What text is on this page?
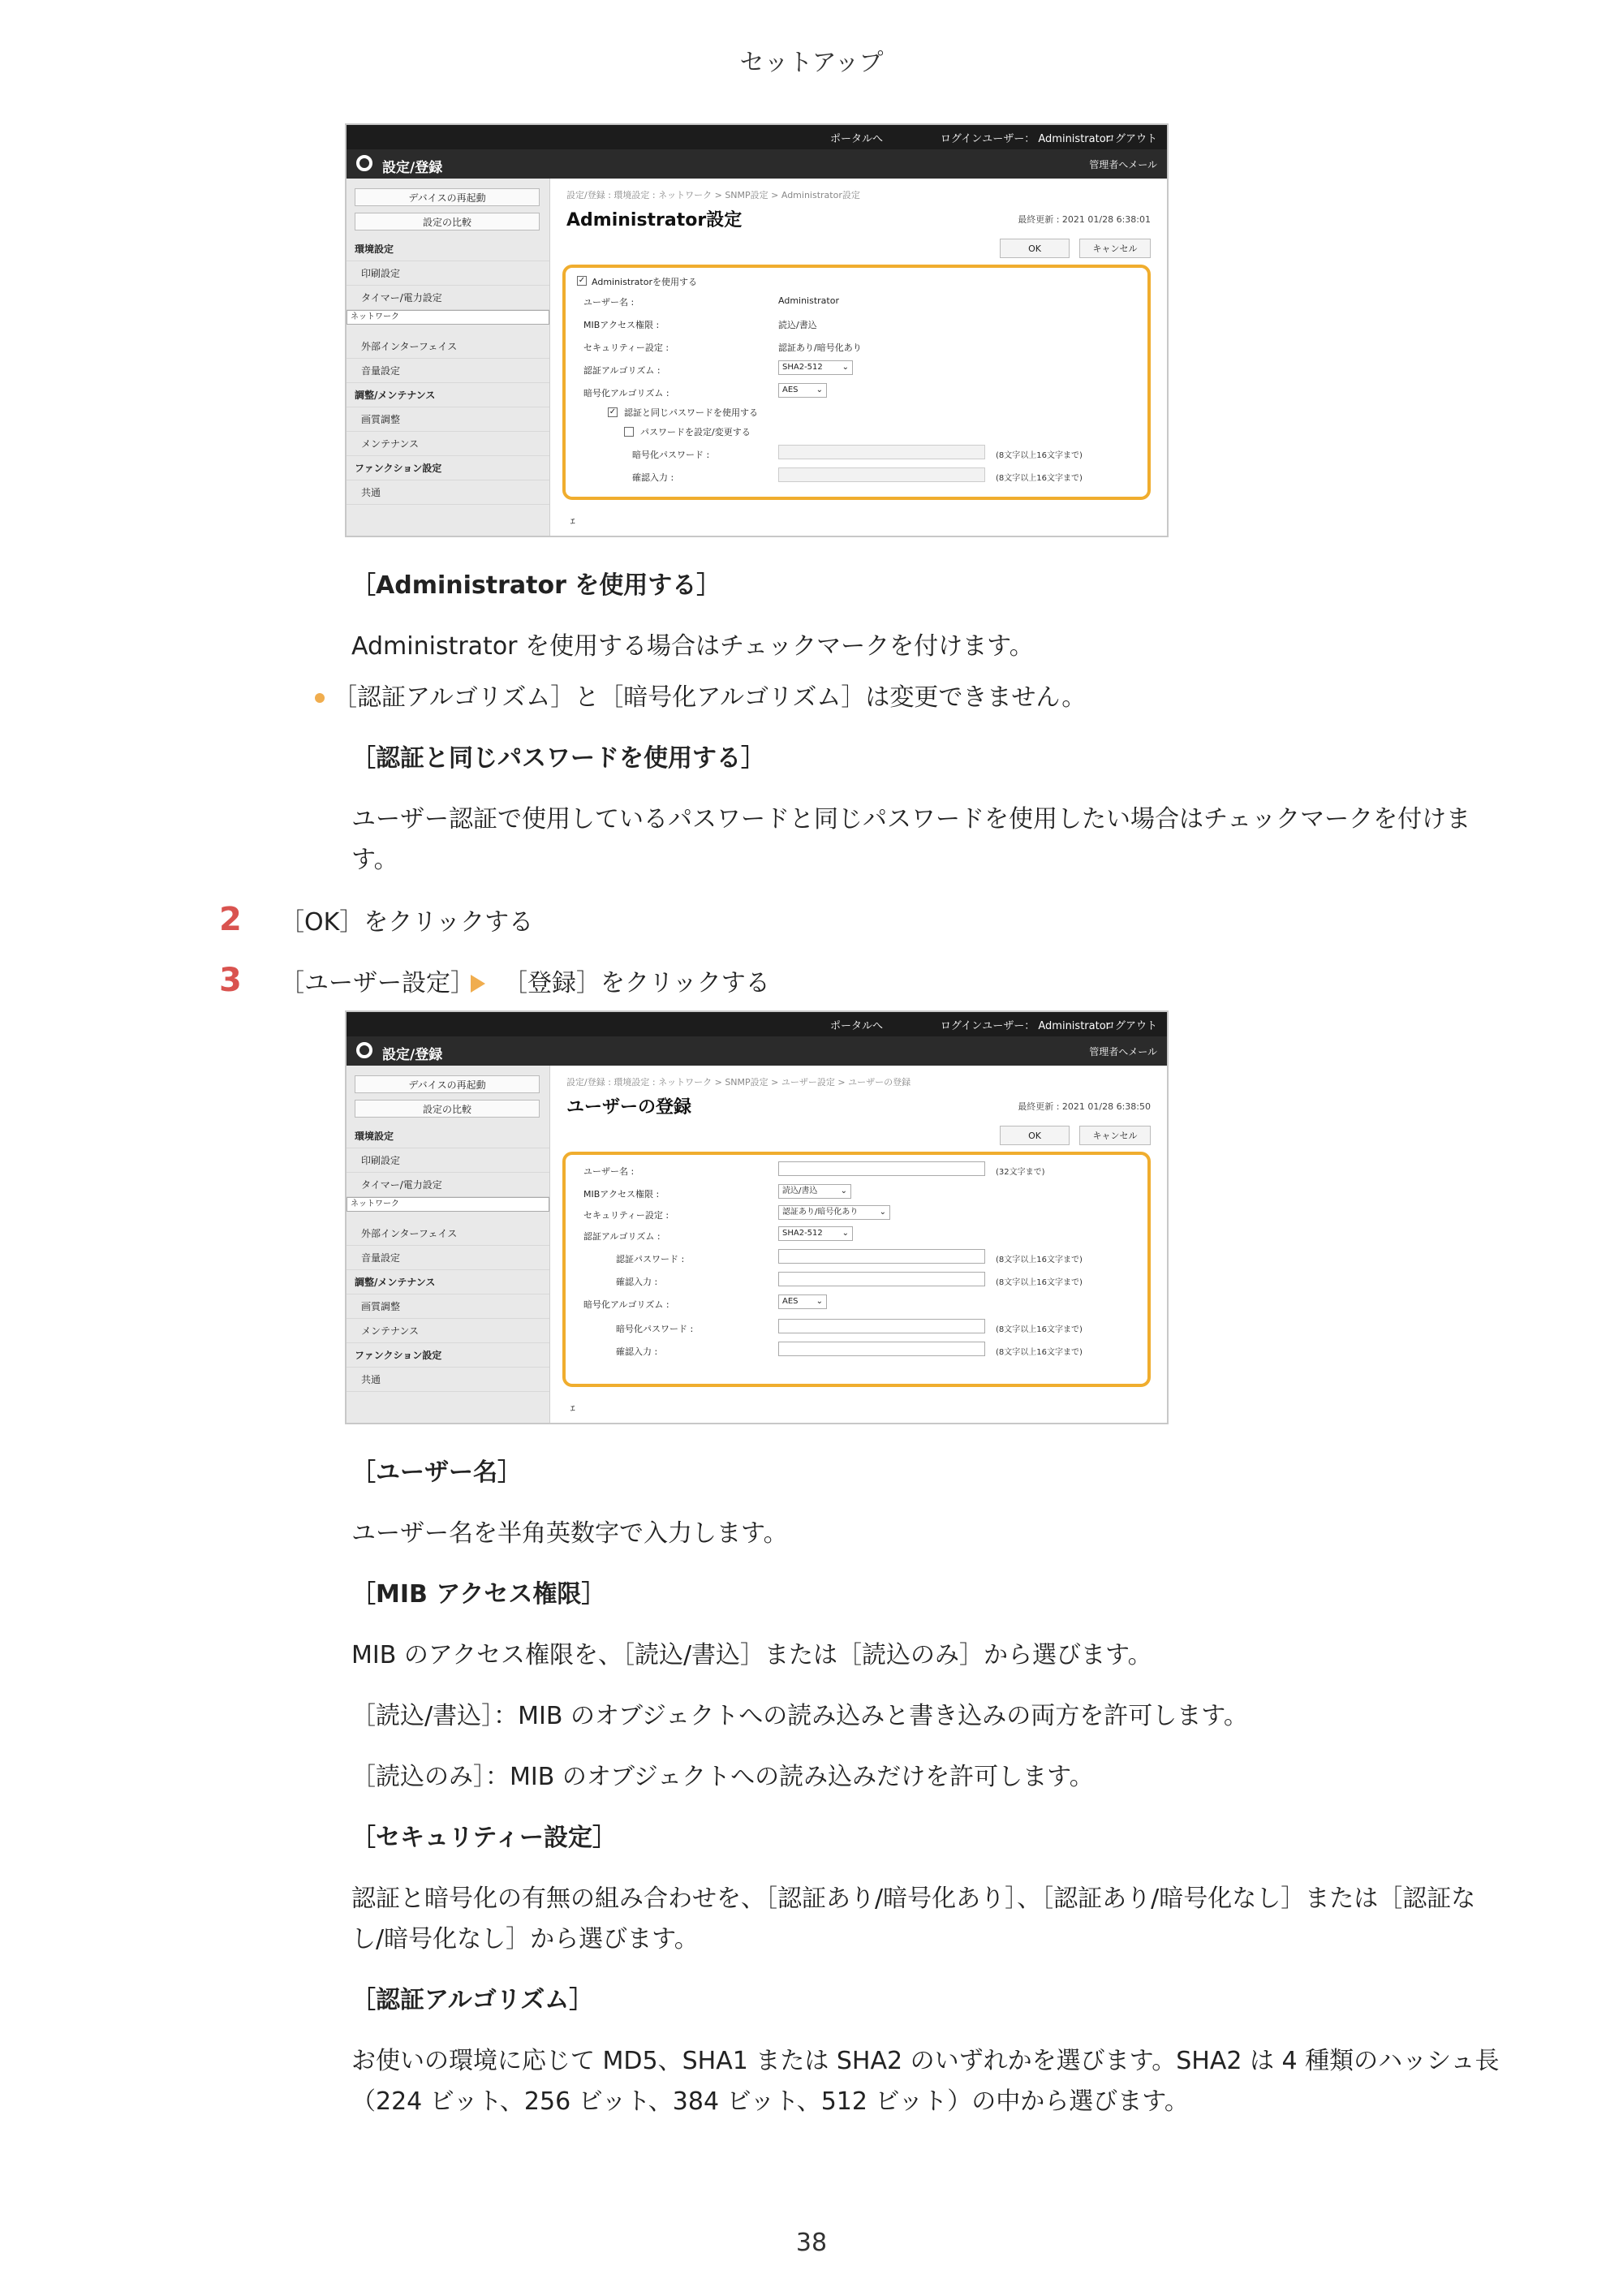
セットアップ
ポータルへ	ログインユーザー： Administrator
ログアウト
設定/登録	管理者へメール
デバイスの再起動
設定の比較
環境設定
印刷設定
タイマー/電力設定
ネットワーク
外部インターフェイス
音量設定
調整/メンテナンス
画質調整
メンテナンス
ファンクション設定
共通
設定/登録 : 環境設定 : ネットワーク > SNMP設定 > Administrator設定
Administrator設定	最終更新 : 2021 01/28 6:38:01
OK	キャンセル
✓ Administratorを使用する
ユーザー名 :	Administrator
MIBアクセス権限 :	読込/書込
セキュリティー設定 :	認証あり/暗号化あり
認証アルゴリズム :	SHA2-512 ⌄
暗号化アルゴリズム :	AES ⌄
✓ 認証と同じパスワードを使用する
パスワードを設定/変更する
暗号化パスワード :	(8文字以上16文字まで)
確認入力 :	(8文字以上16文字まで)
ｴ
［Administrator を使用する］
Administrator を使用する場合はチェックマークを付けます。
［認証アルゴリズム］と［暗号化アルゴリズム］は変更できません。
［認証と同じパスワードを使用する］
ユーザー認証で使用しているパスワードと同じパスワードを使用したい場合はチェックマークを付けます。
2 ［OK］をクリックする
3 ［ユーザー設定］ ［登録］をクリックする
ポータルへ	ログインユーザー： Administrator
ログアウト
設定/登録	管理者へメール
デバイスの再起動
設定の比較
環境設定
印刷設定
タイマー/電力設定
ネットワーク
外部インターフェイス
音量設定
調整/メンテナンス
画質調整
メンテナンス
ファンクション設定
共通
設定/登録 : 環境設定 : ネットワーク > SNMP設定 > ユーザー設定 > ユーザーの登録
ユーザーの登録	最終更新 : 2021 01/28 6:38:50
OK	キャンセル
ユーザー名 :	(32文字まで)
MIBアクセス権限 :	読込/書込	⌄
セキュリティー設定 :	認証あり/暗号化あり	⌄
認証アルゴリズム :	SHA2-512 ⌄
認証パスワード :	(8文字以上16文字まで)
確認入力 :	(8文字以上16文字まで)
暗号化アルゴリズム :	AES ⌄
暗号化パスワード :	(8文字以上16文字まで)
確認入力 :	(8文字以上16文字まで)
ｴ
［ユーザー名］
ユーザー名を半角英数字で入力します。
［MIB アクセス権限］
MIB のアクセス権限を、［読込/書込］または［読込のみ］から選びます。
［読込/書込］：MIB のオブジェクトへの読み込みと書き込みの両方を許可します。
［読込のみ］：MIB のオブジェクトへの読み込みだけを許可します。
［セキュリティー設定］
認証と暗号化の有無の組み合わせを、［認証あり/暗号化あり］、［認証あり/暗号化なし］または［認証なし/暗号化なし］から選びます。
［認証アルゴリズム］
お使いの環境に応じて MD5、SHA1 または SHA2 のいずれかを選びます。SHA2 は 4 種類のハッシュ長（224 ビット、256 ビット、384 ビット、512 ビット）の中から選びます。
38
